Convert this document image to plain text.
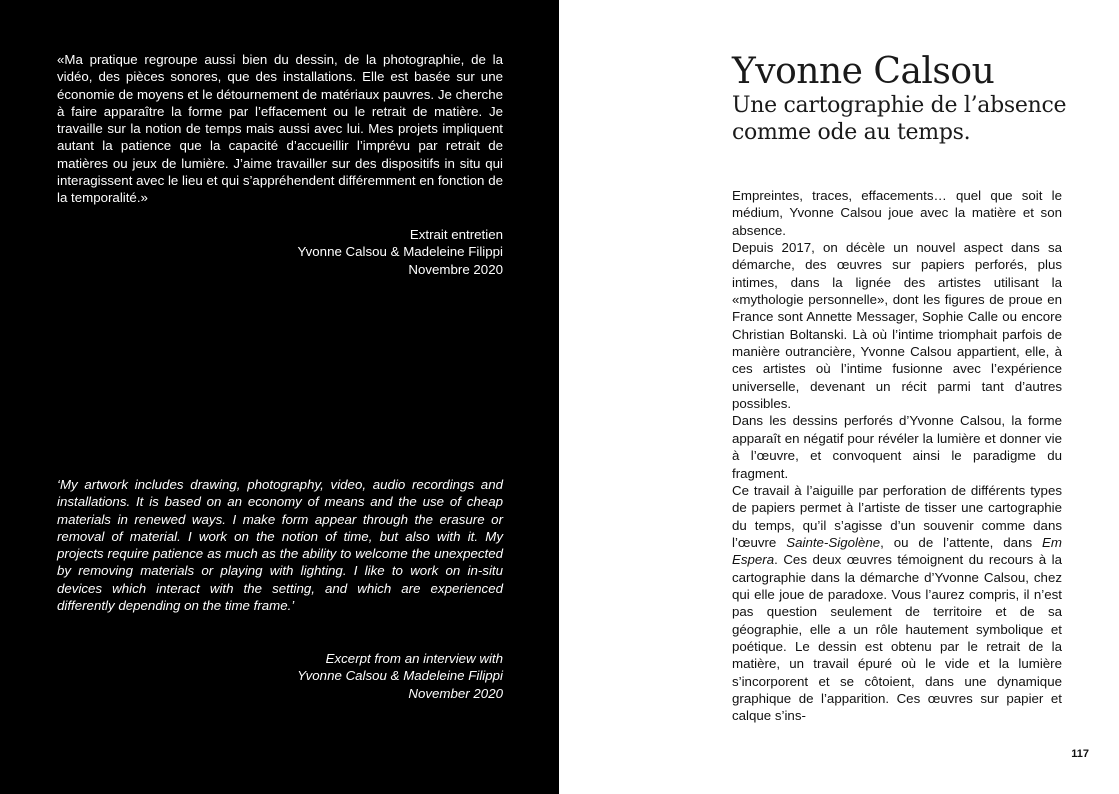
«Ma pratique regroupe aussi bien du dessin, de la photographie, de la vidéo, des pièces sonores, que des installations. Elle est basée sur une économie de moyens et le détournement de matériaux pauvres. Je cherche à faire apparaître la forme par l’effacement ou le retrait de matière. Je travaille sur la notion de temps mais aussi avec lui. Mes projets impliquent autant la patience que la capacité d’accueillir l’imprévu par retrait de matières ou jeux de lumière. J’aime travailler sur des dispositifs in situ qui interagissent avec le lieu et qui s’appréhendent différemment en fonction de la temporalité.»

Extrait entretien
Yvonne Calsou & Madeleine Filippi
Novembre 2020

‘My artwork includes drawing, photography, video, audio recordings and installations. It is based on an economy of means and the use of cheap materials in renewed ways. I make form appear through the erasure or removal of material. I work on the notion of time, but also with it. My projects require patience as much as the ability to welcome the unexpected by removing materials or playing with lighting. I like to work on in-situ devices which interact with the setting, and which are experienced differently depending on the time frame.’

Excerpt from an interview with
Yvonne Calsou & Madeleine Filippi
November 2020

Yvonne Calsou
Une cartographie de l’absence
comme ode au temps.

Empreintes, traces, effacements… quel que soit le médium, Yvonne Calsou joue avec la matière et son absence.

Depuis 2017, on décèle un nouvel aspect dans sa démarche, des œuvres sur papiers perforés, plus intimes, dans la lignée des artistes utilisant la «mythologie personnelle», dont les figures de proue en France sont Annette Messager, Sophie Calle ou encore Christian Boltanski. Là où l’intime triomphait parfois de manière outrancière, Yvonne Calsou appartient, elle, à ces artistes où l’intime fusionne avec l’expérience universelle, devenant un récit parmi tant d’autres possibles.

Dans les dessins perforés d’Yvonne Calsou, la forme apparaît en négatif pour révéler la lumière et donner vie à l’œuvre, et convoquent ainsi le paradigme du fragment.

Ce travail à l’aiguille par perforation de différents types de papiers permet à l’artiste de tisser une cartographie du temps, qu’il s’agisse d’un souvenir comme dans l’œuvre Sainte-Sigolène, ou de l’attente, dans Em Espera. Ces deux œuvres témoignent du recours à la cartographie dans la démarche d’Yvonne Calsou, chez qui elle joue de paradoxe. Vous l’aurez compris, il n’est pas question seulement de territoire et de sa géographie, elle a un rôle hautement symbolique et poétique. Le dessin est obtenu par le retrait de la matière, un travail épuré où le vide et la lumière s’incorporent et se côtoient, dans une dynamique graphique de l’apparition. Ces œuvres sur papier et calque s’ins-

117
